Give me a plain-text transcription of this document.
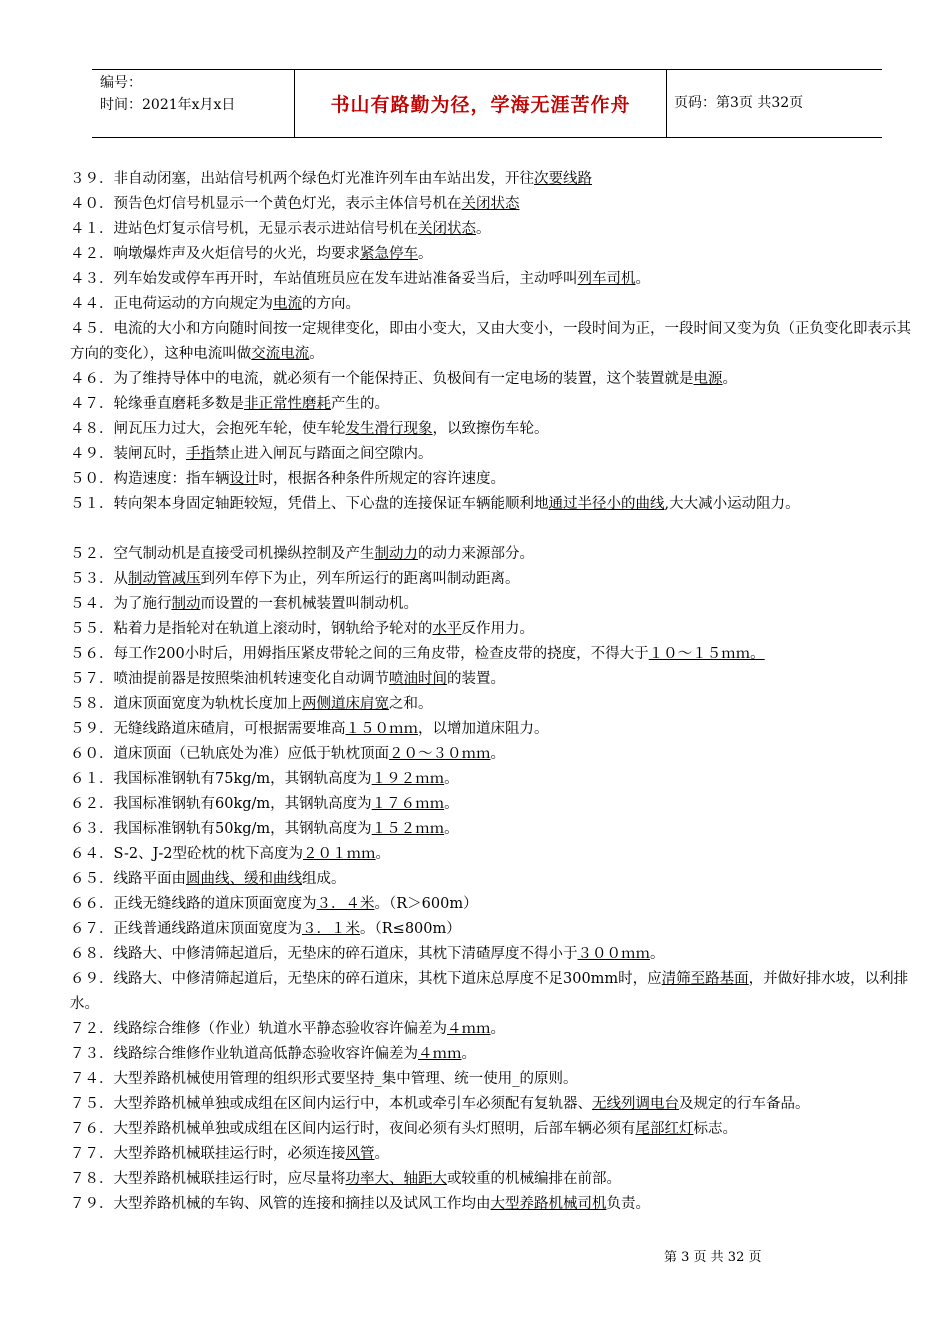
编号：
时间：2021年x月x日	书山有路勤为径，学海无涯苦作舟	页码：第3页 共32页
３９．非自动闭塞，出站信号机两个绿色灯光准许列车由车站出发，开往次要线路
４０．预告色灯信号机显示一个黄色灯光，表示主体信号机在关闭状态
４１．进站色灯复示信号机，无显示表示进站信号机在关闭状态。
４２．响墩爆炸声及火炬信号的火光，均要求紧急停车。
４３．列车始发或停车再开时，车站值班员应在发车进站准备妥当后，主动呼叫列车司机。
４４．正电荷运动的方向规定为电流的方向。
４５．电流的大小和方向随时间按一定规律变化，即由小变大，又由大变小，一段时间为正，一段时间又变为负（正负变化即表示其方向的变化），这种电流叫做交流电流。
４６．为了维持导体中的电流，就必须有一个能保持正、负极间有一定电场的装置，这个装置就是电源。
４７．轮缘垂直磨耗多数是非正常性磨耗产生的。
４８．闸瓦压力过大，会抱死车轮，使车轮发生滑行现象，以致擦伤车轮。
４９．装闸瓦时，手指禁止进入闸瓦与踏面之间空隙内。
５０．构造速度：指车辆设计时，根据各种条件所规定的容许速度。
５１．转向架本身固定轴距较短，凭借上、下心盘的连接保证车辆能顺利地通过半径小的曲线,大大减小运动阻力。
５２．空气制动机是直接受司机操纵控制及产生制动力的动力来源部分。
５３．从制动管减压到列车停下为止，列车所运行的距离叫制动距离。
５４．为了施行制动而设置的一套机械装置叫制动机。
５５．粘着力是指轮对在轨道上滚动时，钢轨给予轮对的水平反作用力。
５６．每工作200小时后，用姆指压紧皮带轮之间的三角皮带，检查皮带的挠度，不得大于１０～１５ｍｍ。
５７．喷油提前器是按照柴油机转速变化自动调节喷油时间的装置。
５８．道床顶面宽度为轨枕长度加上两侧道床肩宽之和。
５９．无缝线路道床碴肩，可根据需要堆高１５０ｍｍ，以增加道床阻力。
６０．道床顶面（已轨底处为准）应低于轨枕顶面２０～３０ｍｍ。
６１．我国标准钢轨有75kg/m，其钢轨高度为１９２ｍｍ。
６２．我国标准钢轨有60kg/m，其钢轨高度为１７６ｍｍ。
６３．我国标准钢轨有50kg/m，其钢轨高度为１５２ｍｍ。
６４．S-2、J-2型砼枕的枕下高度为２０１ｍｍ。
６５．线路平面由圆曲线、缓和曲线组成。
６６．正线无缝线路的道床顶面宽度为３．４米。（R＞600m）
６７．正线普通线路道床顶面宽度为３．１米。（R≤800m）
６８．线路大、中修清筛起道后，无垫床的碎石道床，其枕下清碴厚度不得小于３００ｍｍ。
６９．线路大、中修清筛起道后，无垫床的碎石道床，其枕下道床总厚度不足300mm时，应清筛至路基面，并做好排水坡，以利排水。
７２．线路综合维修（作业）轨道水平静态验收容许偏差为４ｍｍ。
７３．线路综合维修作业轨道高低静态验收容许偏差为４ｍｍ。
７４．大型养路机械使用管理的组织形式要坚持_集中管理、统一使用_的原则。
７５．大型养路机械单独或成组在区间内运行中，本机或牵引车必须配有复轨器、无线列调电台及规定的行车备品。
７６．大型养路机械单独或成组在区间内运行时，夜间必须有头灯照明，后部车辆必须有尾部红灯标志。
７７．大型养路机械联挂运行时，必须连接风管。
７８．大型养路机械联挂运行时，应尽量将功率大、轴距大或较重的机械编排在前部。
７９．大型养路机械的车钩、风管的连接和摘挂以及试风工作均由大型养路机械司机负责。
第 3 页 共 32 页
